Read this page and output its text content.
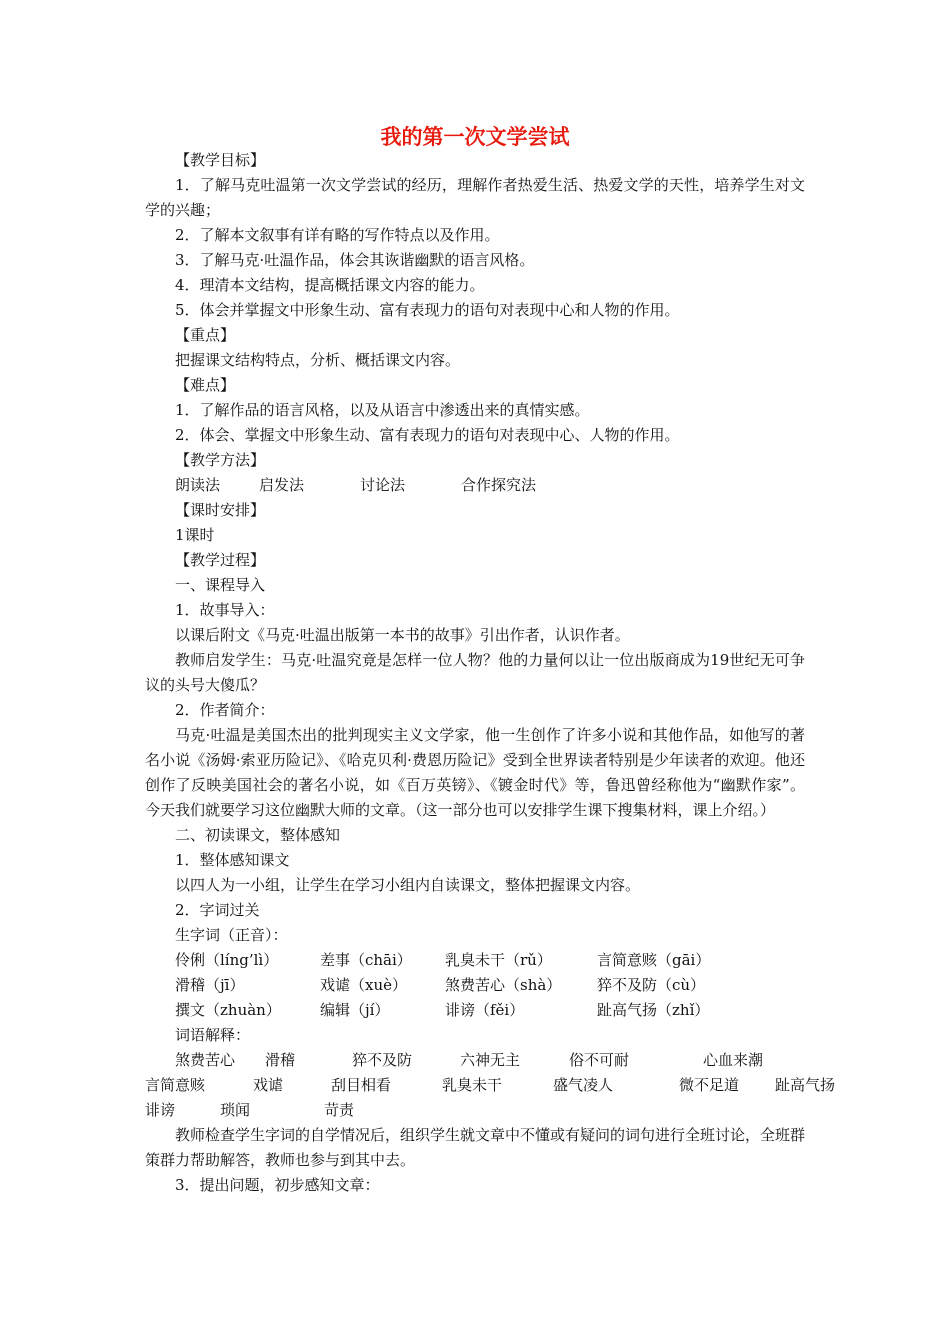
我的第一次文学尝试

【教学目标】

1．了解马克吐温第一次文学尝试的经历，理解作者热爱生活、热爱文学的天性，培养学生对文学的兴趣；

2．了解本文叙事有详有略的写作特点以及作用。

3．了解马克·吐温作品，体会其诙谐幽默的语言风格。

4．理清本文结构，提高概括课文内容的能力。

5．体会并掌握文中形象生动、富有表现力的语句对表现中心和人物的作用。

【重点】

把握课文结构特点，分析、概括课文内容。

【难点】

1．了解作品的语言风格，以及从语言中渗透出来的真情实感。

2．体会、掌握文中形象生动、富有表现力的语句对表现中心、人物的作用。

【教学方法】

朗读法	启发法	讨论法	合作探究法

【课时安排】

1课时

【教学过程】

一、课程导入

1．故事导入：

以课后附文《马克·吐温出版第一本书的故事》引出作者，认识作者。

教师启发学生：马克·吐温究竟是怎样一位人物？他的力量何以让一位出版商成为19世纪无可争议的头号大傻瓜？

2．作者简介：

马克·吐温是美国杰出的批判现实主义文学家，他一生创作了许多小说和其他作品，如他写的著名小说《汤姆·索亚历险记》、《哈克贝利·费恩历险记》受到全世界读者特别是少年读者的欢迎。他还创作了反映美国社会的著名小说，如《百万英镑》、《镀金时代》等，鲁迅曾经称他为“幽默作家”。今天我们就要学习这位幽默大师的文章。（这一部分也可以安排学生课下搜集材料，课上介绍。）

二、初读课文，整体感知

1．整体感知课文

以四人为一小组，让学生在学习小组内自读课文，整体把握课文内容。

2．字词过关

生字词（正音）：

伶俐（líng’lì）	差事（chāi）	乳臭未干（rǔ）	言简意赅（gāi）
滑稽（jī）	戏谑（xuè）	煞费苦心（shà）	猝不及防（cù）
撰文（zhuàn）	编辑（jí）	诽谤（fěi）	趾高气扬（zhǐ）

词语解释：

煞费苦心 滑稽	猝不及防	六神无主	俗不可耐	心血来潮

言简意赅	戏谑	刮目相看	乳臭未干	盛气凌人	微不足道 趾高气扬

诽谤	琐闻	苛责

教师检查学生字词的自学情况后，组织学生就文章中不懂或有疑问的词句进行全班讨论，全班群策群力帮助解答，教师也参与到其中去。

3．提出问题，初步感知文章：
